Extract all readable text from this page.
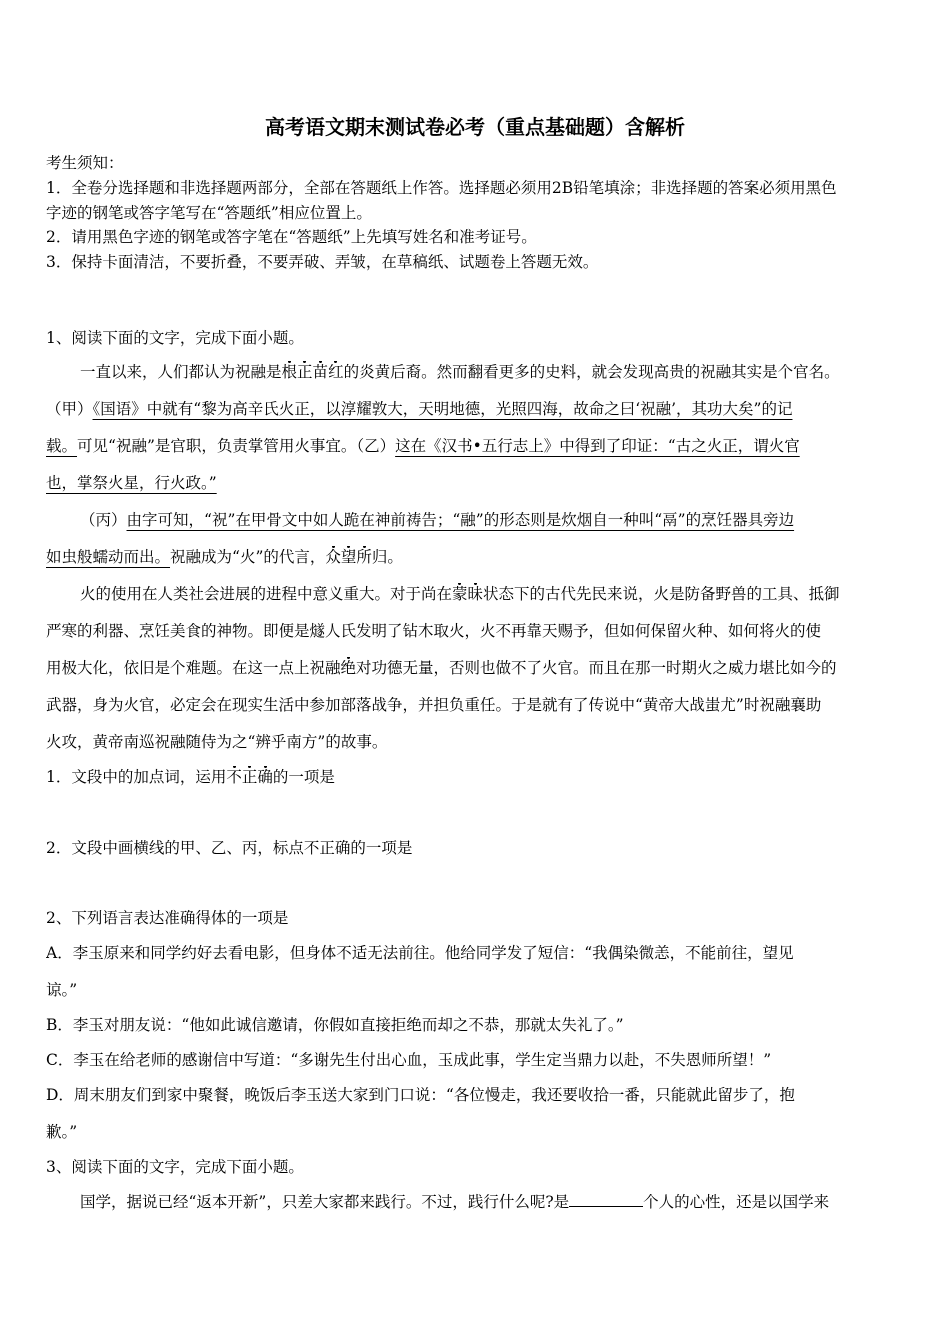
高考语文期末测试卷必考（重点基础题）含解析
考生须知：
1．全卷分选择题和非选择题两部分，全部在答题纸上作答。选择题必须用2B铅笔填涂；非选择题的答案必须用黑色
字迹的钢笔或答字笔写在“答题纸”相应位置上。
2．请用黑色字迹的钢笔或答字笔在“答题纸”上先填写姓名和准考证号。
3．保持卡面清洁，不要折叠，不要弄破、弄皱，在草稿纸、试题卷上答题无效。
1、阅读下面的文字，完成下面小题。
一直以来，人们都认为祝融是根正苗红的炎黄后裔。然而翻看更多的史料，就会发现高贵的祝融其实是个官名。
（甲）《国语》中就有“黎为高辛氏火正，以淳耀敦大，天明地德，光照四海，故命之曰‘祝融’，其功大矣”的记
载。可见“祝融”是官职，负责掌管用火事宜。（乙）这在《汉书•五行志上》中得到了印证：“古之火正，谓火官
也，掌祭火星，行火政。”
（丙）由字可知，“祝”在甲骨文中如人跪在神前祷告；“融”的形态则是炊烟自一种叫“鬲”的烹饪器具旁边
如虫般蠕动而出。祝融成为“火”的代言，众望所归。
火的使用在人类社会进展的进程中意义重大。对于尚在蒙昧状态下的古代先民来说，火是防备野兽的工具、抵御
严寒的利器、烹饪美食的神物。即便是燧人氏发明了钻木取火，火不再靠天赐予，但如何保留火种、如何将火的使
用极大化，依旧是个难题。在这一点上祝融绝对功德无量，否则也做不了火官。而且在那一时期火之威力堪比如今的
武器，身为火官，必定会在现实生活中参加部落战争，并担负重任。于是就有了传说中“黄帝大战蚩尤”时祝融襄助
火攻，黄帝南巡祝融随侍为之“辨乎南方”的故事。
1．文段中的加点词，运用不正确的一项是
2．文段中画横线的甲、乙、丙，标点不正确的一项是
2、下列语言表达准确得体的一项是
A．李玉原来和同学约好去看电影，但身体不适无法前往。他给同学发了短信：“我偶染微恙，不能前往，望见
谅。”
B．李玉对朋友说：“他如此诚信邀请，你假如直接拒绝而却之不恭，那就太失礼了。”
C．李玉在给老师的感谢信中写道：“多谢先生付出心血，玉成此事，学生定当鼎力以赴，不失恩师所望！”
D．周末朋友们到家中聚餐，晚饭后李玉送大家到门口说：“各位慢走，我还要收拾一番，只能就此留步了，抱
歉。”
3、阅读下面的文字，完成下面小题。
国学，据说已经“返本开新”，只差大家都来践行。不过，践行什么呢?是	个人的心性，还是以国学来
